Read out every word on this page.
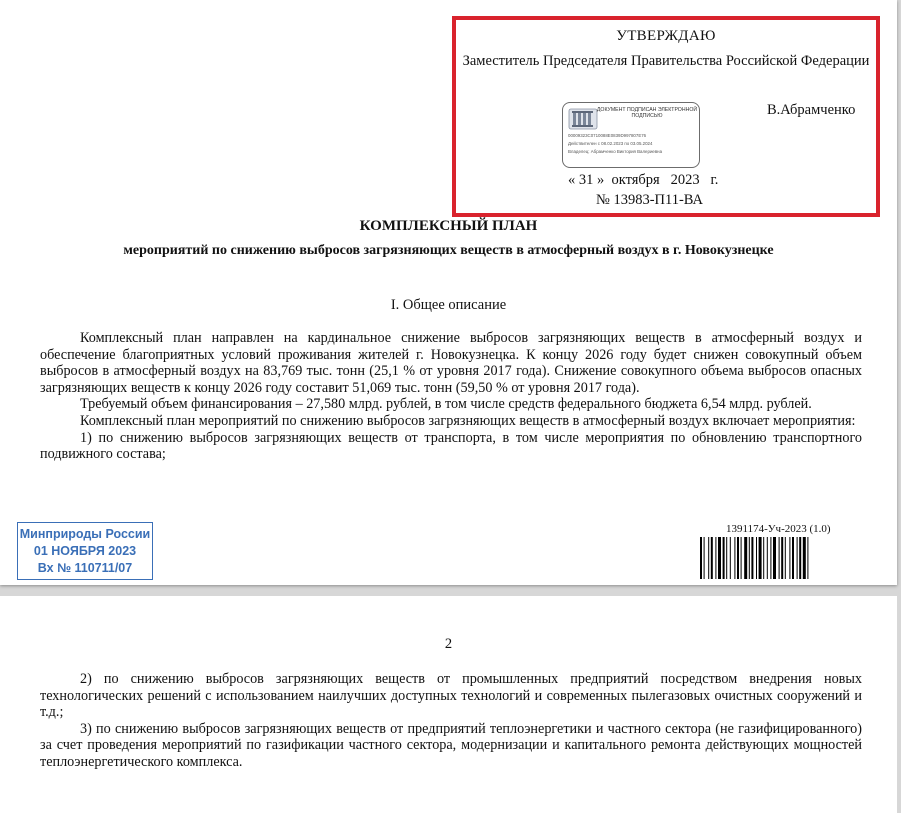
УТВЕРЖДАЮ
Заместитель Председателя Правительства Российской Федерации
ДОКУМЕНТ ПОДПИСАН ЭЛЕКТРОННОЙ ПОДПИСЬЮ
00009323C0710088E0839D997807E76
Действителен с 08.02.2023 по 03.05.2024
Владелец: Абрамченко Виктория Валериевна
В.Абрамченко
« 31 »  октября   2023   г.
№ 13983-П11-ВА
КОМПЛЕКСНЫЙ ПЛАН
мероприятий по снижению выбросов загрязняющих веществ в атмосферный воздух в г. Новокузнецке
I. Общее описание

Комплексный план направлен на кардинальное снижение выбросов загрязняющих веществ в атмосферный воздух и обеспечение благоприятных условий проживания жителей г. Новокузнецка. К концу 2026 году будет снижен совокупный объем выбросов в атмосферный воздух на 83,769 тыс. тонн (25,1 % от уровня 2017 года). Снижение совокупного объема выбросов опасных загрязняющих веществ к концу 2026 году составит 51,069 тыс. тонн (59,50 % от уровня 2017 года).

Требуемый объем финансирования – 27,580 млрд. рублей, в том числе средств федерального бюджета 6,54 млрд. рублей.

Комплексный план мероприятий по снижению выбросов загрязняющих веществ в атмосферный воздух включает мероприятия:

1) по снижению выбросов загрязняющих веществ от транспорта, в том числе мероприятия по обновлению транспортного подвижного состава;

Минприроды России
01 НОЯБРЯ 2023
Вх № 110711/07
1391174-Уч-2023 (1.0)
2

2) по снижению выбросов загрязняющих веществ от промышленных предприятий посредством внедрения новых технологических решений с использованием наилучших доступных технологий и современных пылегазовых очистных сооружений и т.д.;

3) по снижению выбросов загрязняющих веществ от предприятий теплоэнергетики и частного сектора (не газифицированного) за счет проведения мероприятий по газификации частного сектора, модернизации и капитального ремонта действующих мощностей теплоэнергетического комплекса.
